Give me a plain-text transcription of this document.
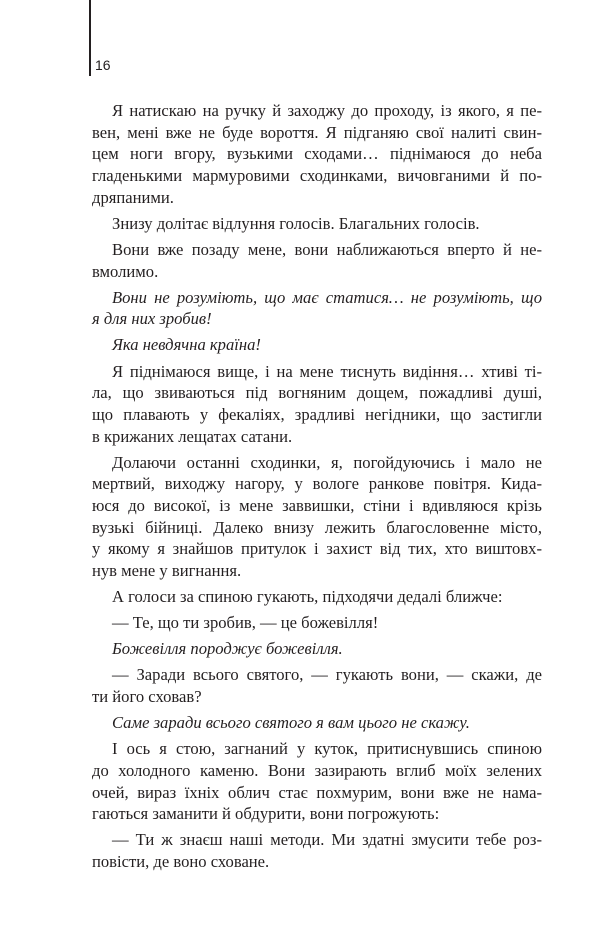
16

Я натискаю на ручку й заходжу до проходу, із якого, я пе-
вен, мені вже не буде вороття. Я підганяю свої налиті свин-
цем ноги вгору, вузькими сходами… піднімаюся до неба
гладенькими мармуровими сходинками, вичовганими й по-
дряпаними.

Знизу долітає відлуння голосів. Благальних голосів.

Вони вже позаду мене, вони наближаються вперто й не-
вмолимо.

Вони не розуміють, що має статися… не розуміють, що
я для них зробив!

Яка невдячна країна!

Я піднімаюся вище, і на мене тиснуть видіння… хтиві ті-
ла, що звиваються під вогняним дощем, пожадливі душі,
що плавають у фекаліях, зрадливі негідники, що застигли
в крижаних лещатах сатани.

Долаючи останні сходинки, я, погойдуючись і мало не
мертвий, виходжу нагору, у вологе ранкове повітря. Кида-
юся до високої, із мене заввишки, стіни і вдивляюся крізь
вузькі бійниці. Далеко внизу лежить благословенне місто,
у якому я знайшов притулок і захист від тих, хто виштовх-
нув мене у вигнання.

А голоси за спиною гукають, підходячи дедалі ближче:

— Те, що ти зробив, — це божевілля!

Божевілля породжує божевілля.

— Заради всього святого, — гукають вони, — скажи, де
ти його сховав?

Саме заради всього святого я вам цього не скажу.

І ось я стою, загнаний у куток, притиснувшись спиною
до холодного каменю. Вони зазирають вглиб моїх зелених
очей, вираз їхніх облич стає похмурим, вони вже не нама-
гаються заманити й обдурити, вони погрожують:

— Ти ж знаєш наші методи. Ми здатні змусити тебе роз-
повісти, де воно сховане.
